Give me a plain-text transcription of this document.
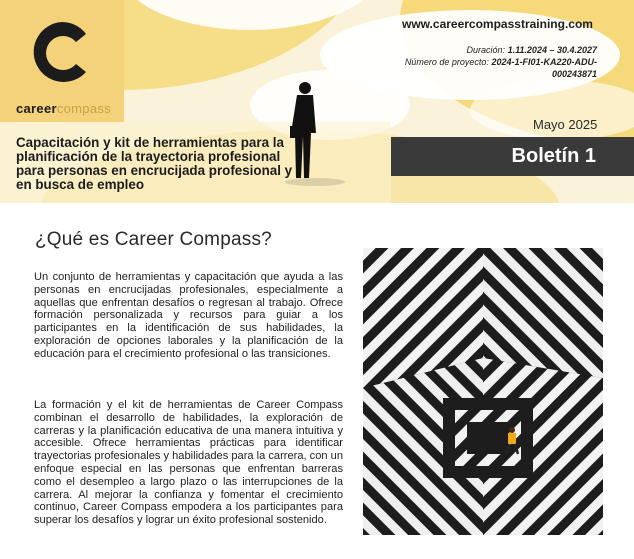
careercompass
www.careercompasstraining.com
Duración: 1.11.2024 – 30.4.2027
Número de proyecto: 2024-1-FI01-KA220-ADU-
000243871
Capacitación y kit de herramientas para la planificación de la trayectoria profesional para personas en encrucijada profesional y en busca de empleo
Mayo 2025
Boletín 1
¿Qué es Career Compass?

Un conjunto de herramientas y capacitación que ayuda a las personas en encrucijadas profesionales, especialmente a aquellas que enfrentan desafíos o regresan al trabajo. Ofrece formación personalizada y recursos para guiar a los participantes en la identificación de sus habilidades, la exploración de opciones laborales y la planificación de la educación para el crecimiento profesional o las transiciones.

La formación y el kit de herramientas de Career Compass combinan el desarrollo de habilidades, la exploración de carreras y la planificación educativa de una manera intuitiva y accesible. Ofrece herramientas prácticas para identificar trayectorias profesionales y habilidades para la carrera, con un enfoque especial en las personas que enfrentan barreras como el desempleo a largo plazo o las interrupciones de la carrera. Al mejorar la confianza y fomentar el crecimiento continuo, Career Compass empodera a los participantes para superar los desafíos y lograr un éxito profesional sostenido.
